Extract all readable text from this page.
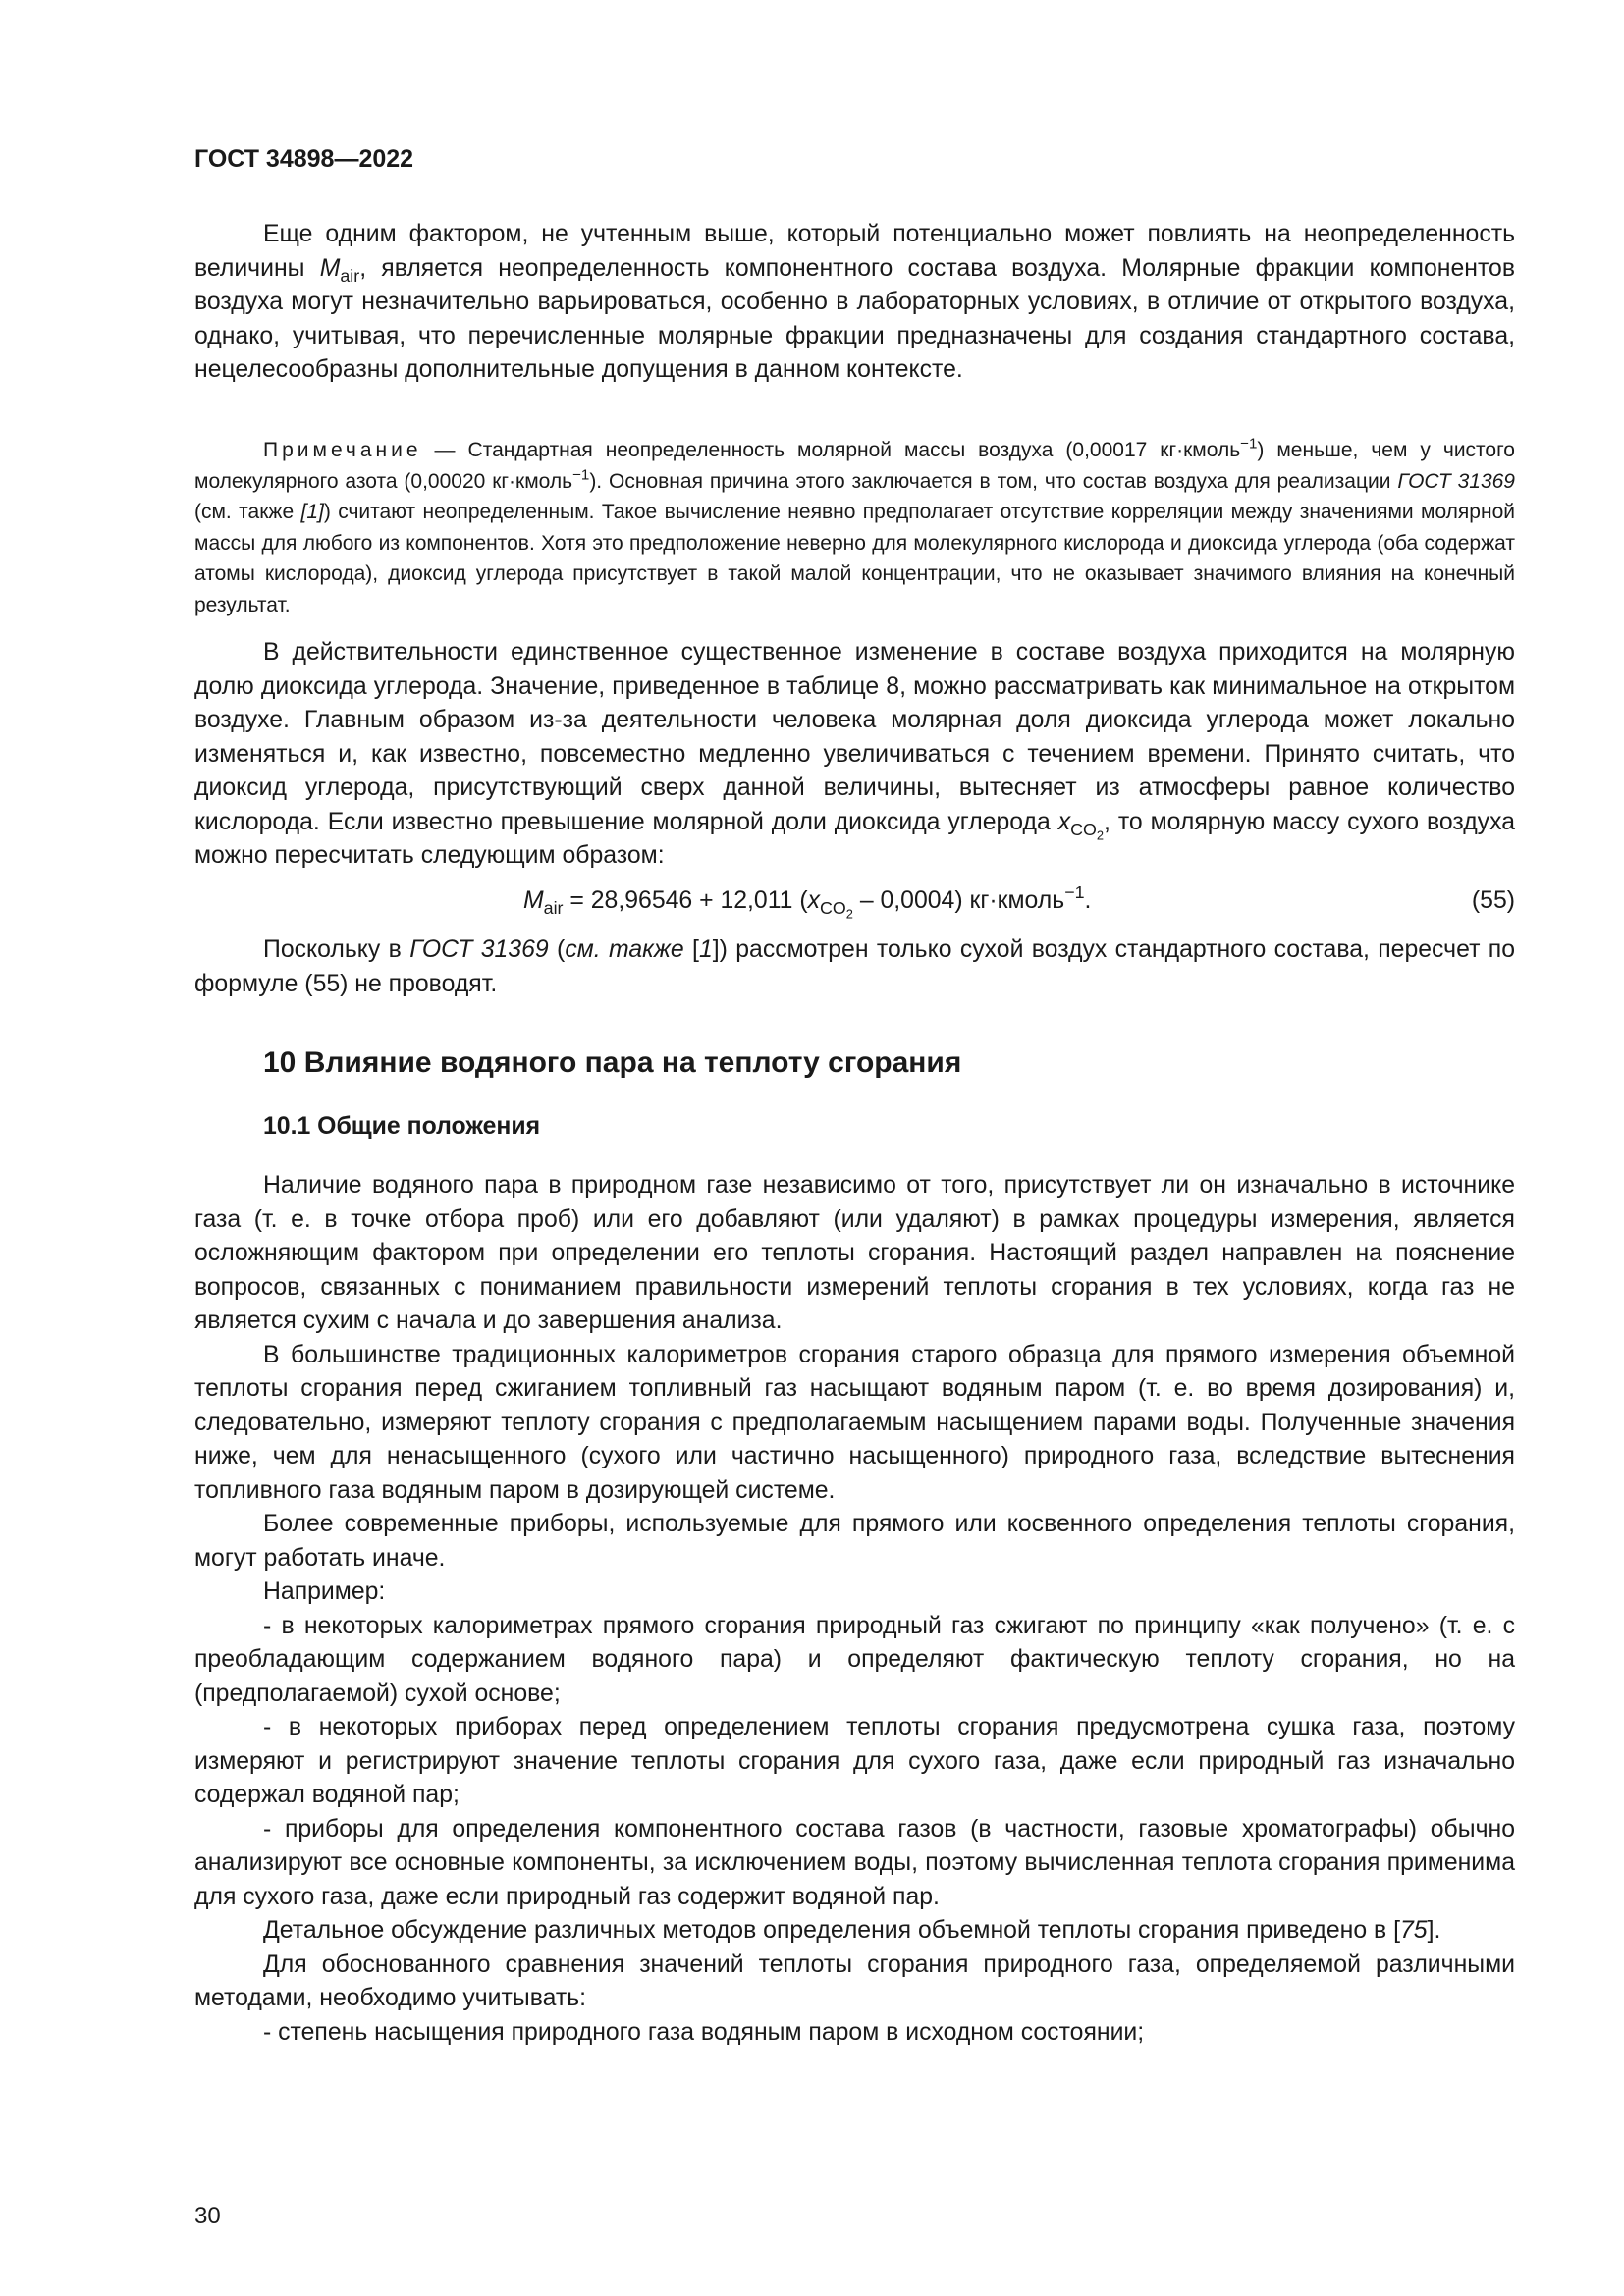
ГОСТ 34898—2022

Еще одним фактором, не учтенным выше, который потенциально может повлиять на неопределенность величины $M_{air}$, является неопределенность компонентного состава воздуха. Молярные фракции компонентов воздуха могут незначительно варьироваться, особенно в лабораторных условиях, в отличие от открытого воздуха, однако, учитывая, что перечисленные молярные фракции предназначены для создания стандартного состава, нецелесообразны дополнительные допущения в данном контексте.

Примечание — Стандартная неопределенность молярной массы воздуха (0,00017 кг·кмоль$^{-1}$) меньше, чем у чистого молекулярного азота (0,00020 кг·кмоль$^{-1}$). Основная причина этого заключается в том, что состав воздуха для реализации ГОСТ 31369 (см. также [1]) считают неопределенным. Такое вычисление неявно предполагает отсутствие корреляции между значениями молярной массы для любого из компонентов. Хотя это предположение неверно для молекулярного кислорода и диоксида углерода (оба содержат атомы кислорода), диоксид углерода присутствует в такой малой концентрации, что не оказывает значимого влияния на конечный результат.

В действительности единственное существенное изменение в составе воздуха приходится на молярную долю диоксида углерода. Значение, приведенное в таблице 8, можно рассматривать как минимальное на открытом воздухе. Главным образом из-за деятельности человека молярная доля диоксида углерода может локально изменяться и, как известно, повсеместно медленно увеличиваться с течением времени. Принято считать, что диоксид углерода, присутствующий сверх данной величины, вытесняет из атмосферы равное количество кислорода. Если известно превышение молярной доли диоксида углерода $x_{CO_2}$, то молярную массу сухого воздуха можно пересчитать следующим образом:

$M_{air} = 28,96546 + 12,011$ $(x_{CO_2} - 0,0004)$ кг·кмоль$^{-1}$.	(55)

Поскольку в ГОСТ 31369 (см. также [1]) рассмотрен только сухой воздух стандартного состава, пересчет по формуле (55) не проводят.

10 Влияние водяного пара на теплоту сгорания
10.1 Общие положения

Наличие водяного пара в природном газе независимо от того, присутствует ли он изначально в источнике газа (т. е. в точке отбора проб) или его добавляют (или удаляют) в рамках процедуры измерения, является осложняющим фактором при определении его теплоты сгорания. Настоящий раздел направлен на пояснение вопросов, связанных с пониманием правильности измерений теплоты сгорания в тех условиях, когда газ не является сухим с начала и до завершения анализа.

В большинстве традиционных калориметров сгорания старого образца для прямого измерения объемной теплоты сгорания перед сжиганием топливный газ насыщают водяным паром (т. е. во время дозирования) и, следовательно, измеряют теплоту сгорания с предполагаемым насыщением парами воды. Полученные значения ниже, чем для ненасыщенного (сухого или частично насыщенного) природного газа, вследствие вытеснения топливного газа водяным паром в дозирующей системе.

Более современные приборы, используемые для прямого или косвенного определения теплоты сгорания, могут работать иначе.

Например:

- в некоторых калориметрах прямого сгорания природный газ сжигают по принципу «как получено» (т. е. с преобладающим содержанием водяного пара) и определяют фактическую теплоту сгорания, но на (предполагаемой) сухой основе;

- в некоторых приборах перед определением теплоты сгорания предусмотрена сушка газа, поэтому измеряют и регистрируют значение теплоты сгорания для сухого газа, даже если природный газ изначально содержал водяной пар;

- приборы для определения компонентного состава газов (в частности, газовые хроматографы) обычно анализируют все основные компоненты, за исключением воды, поэтому вычисленная теплота сгорания применима для сухого газа, даже если природный газ содержит водяной пар.

Детальное обсуждение различных методов определения объемной теплоты сгорания приведено в [75].

Для обоснованного сравнения значений теплоты сгорания природного газа, определяемой различными методами, необходимо учитывать:

- степень насыщения природного газа водяным паром в исходном состоянии;

30
